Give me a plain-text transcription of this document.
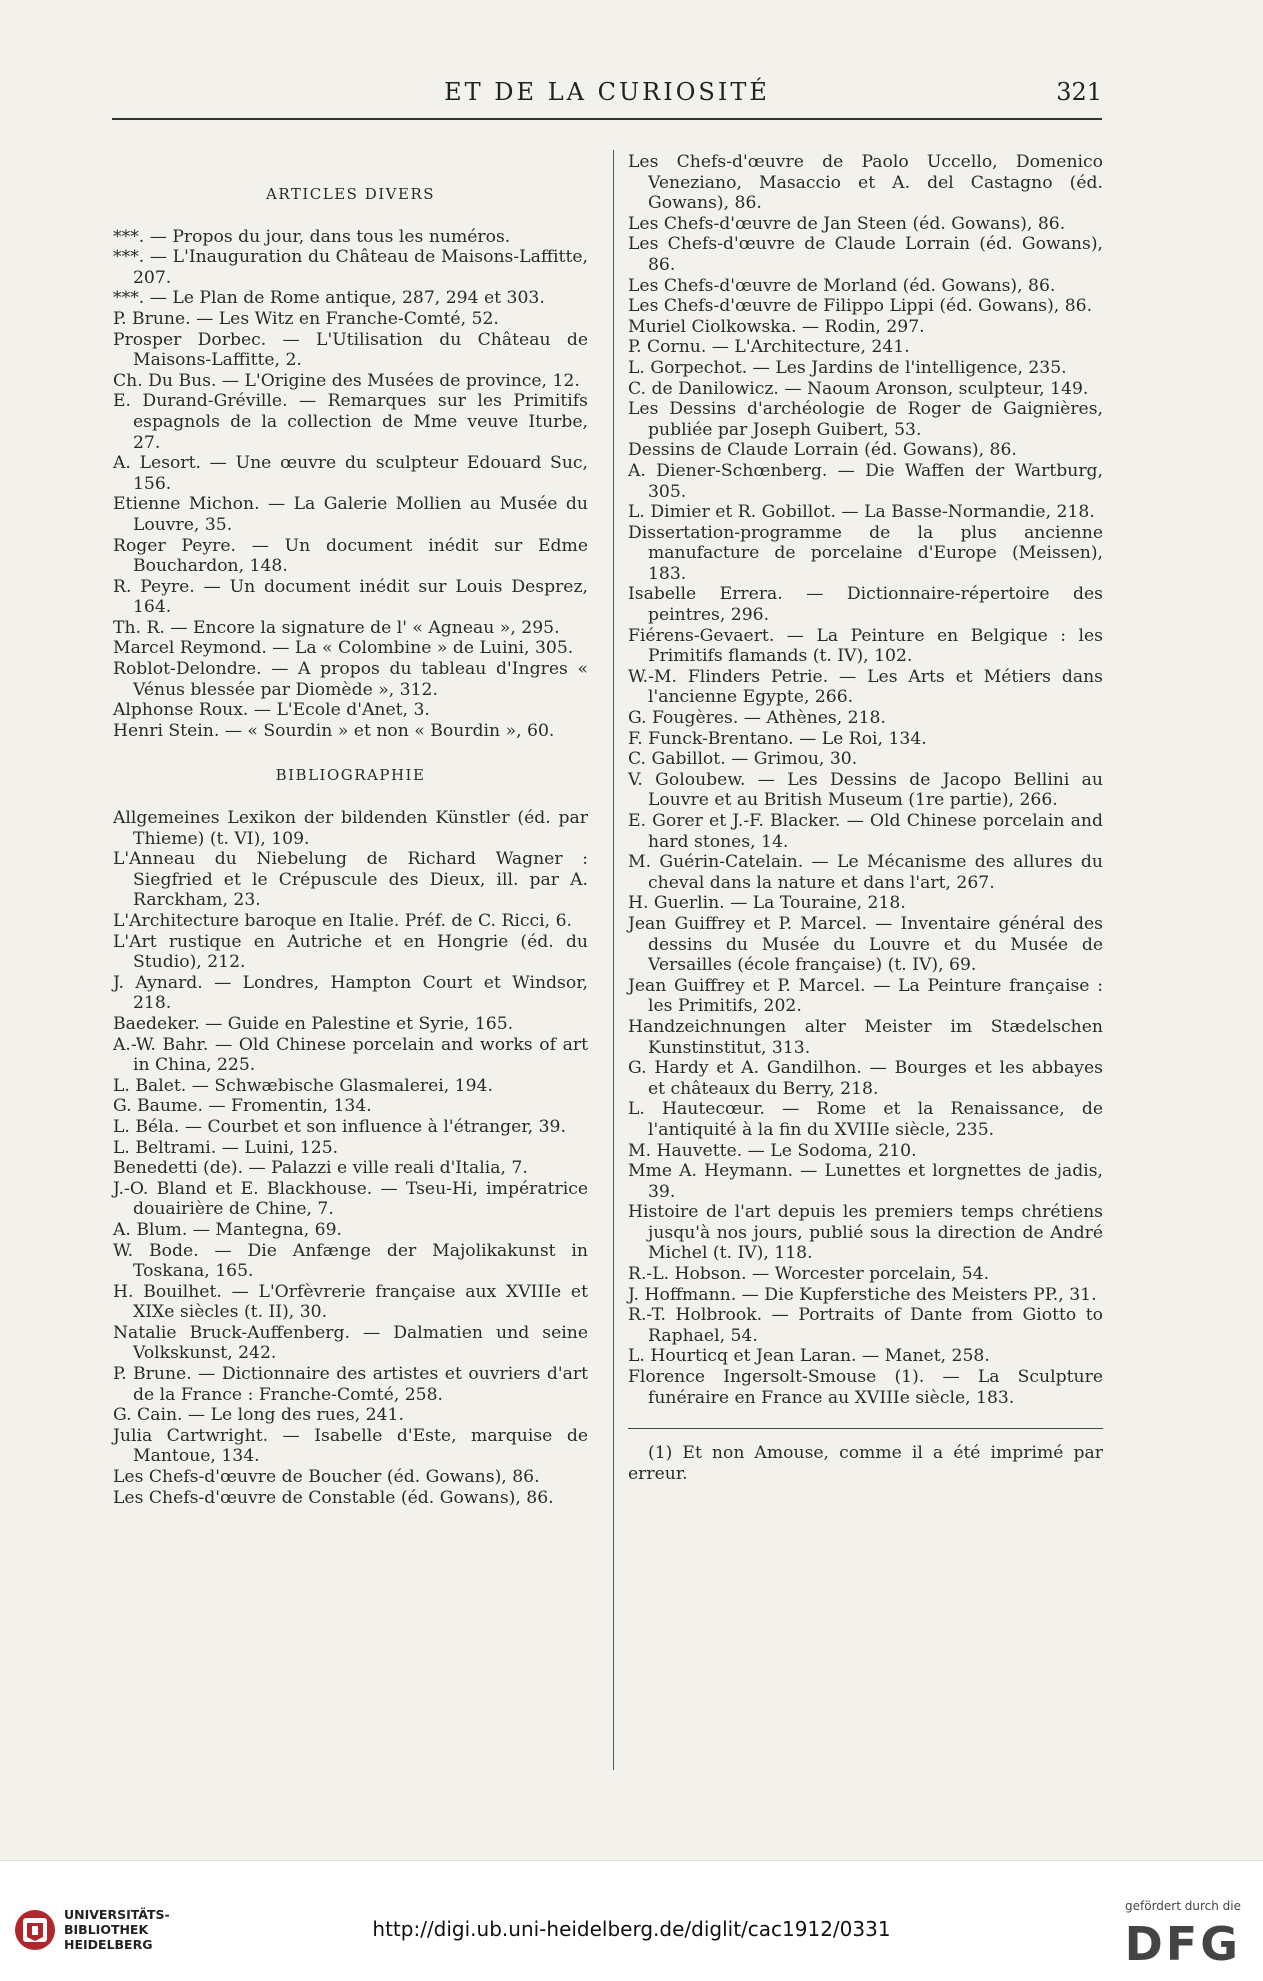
ET DE LA CURIOSITÉ	321
ARTICLES DIVERS

***. — Propos du jour, dans tous les numéros.

***. — L'Inauguration du Château de Maisons-Laffitte, 207.

***. — Le Plan de Rome antique, 287, 294 et 303.

P. Brune. — Les Witz en Franche-Comté, 52.

Prosper Dorbec. — L'Utilisation du Château de Maisons-Laffitte, 2.

Ch. Du Bus. — L'Origine des Musées de province, 12.

E. Durand-Gréville. — Remarques sur les Primitifs espagnols de la collection de Mme veuve Iturbe, 27.

A. Lesort. — Une œuvre du sculpteur Edouard Suc, 156.

Etienne Michon. — La Galerie Mollien au Musée du Louvre, 35.

Roger Peyre. — Un document inédit sur Edme Bouchardon, 148.

R. Peyre. — Un document inédit sur Louis Desprez, 164.

Th. R. — Encore la signature de l' « Agneau », 295.

Marcel Reymond. — La « Colombine » de Luini, 305.

Roblot-Delondre. — A propos du tableau d'Ingres « Vénus blessée par Diomède », 312.

Alphonse Roux. — L'Ecole d'Anet, 3.

Henri Stein. — « Sourdin » et non « Bourdin », 60.

BIBLIOGRAPHIE

Allgemeines Lexikon der bildenden Künstler (éd. par Thieme) (t. VI), 109.

L'Anneau du Niebelung de Richard Wagner : Siegfried et le Crépuscule des Dieux, ill. par A. Rarckham, 23.

L'Architecture baroque en Italie. Préf. de C. Ricci, 6.

L'Art rustique en Autriche et en Hongrie (éd. du Studio), 212.

J. Aynard. — Londres, Hampton Court et Windsor, 218.

Baedeker. — Guide en Palestine et Syrie, 165.

A.-W. Bahr. — Old Chinese porcelain and works of art in China, 225.

L. Balet. — Schwæbische Glasmalerei, 194.

G. Baume. — Fromentin, 134.

L. Béla. — Courbet et son influence à l'étranger, 39.

L. Beltrami. — Luini, 125.

Benedetti (de). — Palazzi e ville reali d'Italia, 7.

J.-O. Bland et E. Blackhouse. — Tseu-Hi, impératrice douairière de Chine, 7.

A. Blum. — Mantegna, 69.

W. Bode. — Die Anfænge der Majolikakunst in Toskana, 165.

H. Bouilhet. — L'Orfèvrerie française aux XVIIIe et XIXe siècles (t. II), 30.

Natalie Bruck-Auffenberg. — Dalmatien und seine Volkskunst, 242.

P. Brune. — Dictionnaire des artistes et ouvriers d'art de la France : Franche-Comté, 258.

G. Cain. — Le long des rues, 241.

Julia Cartwright. — Isabelle d'Este, marquise de Mantoue, 134.

Les Chefs-d'œuvre de Boucher (éd. Gowans), 86.

Les Chefs-d'œuvre de Constable (éd. Gowans), 86.

Les Chefs-d'œuvre de Paolo Uccello, Domenico Veneziano, Masaccio et A. del Castagno (éd. Gowans), 86.

Les Chefs-d'œuvre de Jan Steen (éd. Gowans), 86.

Les Chefs-d'œuvre de Claude Lorrain (éd. Gowans), 86.

Les Chefs-d'œuvre de Morland (éd. Gowans), 86.

Les Chefs-d'œuvre de Filippo Lippi (éd. Gowans), 86.

Muriel Ciolkowska. — Rodin, 297.

P. Cornu. — L'Architecture, 241.

L. Gorpechot. — Les Jardins de l'intelligence, 235.

C. de Danilowicz. — Naoum Aronson, sculpteur, 149.

Les Dessins d'archéologie de Roger de Gaignières, publiée par Joseph Guibert, 53.

Dessins de Claude Lorrain (éd. Gowans), 86.

A. Diener-Schœnberg. — Die Waffen der Wartburg, 305.

L. Dimier et R. Gobillot. — La Basse-Normandie, 218.

Dissertation-programme de la plus ancienne manufacture de porcelaine d'Europe (Meissen), 183.

Isabelle Errera. — Dictionnaire-répertoire des peintres, 296.

Fiérens-Gevaert. — La Peinture en Belgique : les Primitifs flamands (t. IV), 102.

W.-M. Flinders Petrie. — Les Arts et Métiers dans l'ancienne Egypte, 266.

G. Fougères. — Athènes, 218.

F. Funck-Brentano. — Le Roi, 134.

C. Gabillot. — Grimou, 30.

V. Goloubew. — Les Dessins de Jacopo Bellini au Louvre et au British Museum (1re partie), 266.

E. Gorer et J.-F. Blacker. — Old Chinese porcelain and hard stones, 14.

M. Guérin-Catelain. — Le Mécanisme des allures du cheval dans la nature et dans l'art, 267.

H. Guerlin. — La Touraine, 218.

Jean Guiffrey et P. Marcel. — Inventaire général des dessins du Musée du Louvre et du Musée de Versailles (école française) (t. IV), 69.

Jean Guiffrey et P. Marcel. — La Peinture française : les Primitifs, 202.

Handzeichnungen alter Meister im Stædelschen Kunstinstitut, 313.

G. Hardy et A. Gandilhon. — Bourges et les abbayes et châteaux du Berry, 218.

L. Hautecœur. — Rome et la Renaissance, de l'antiquité à la fin du XVIIIe siècle, 235.

M. Hauvette. — Le Sodoma, 210.

Mme A. Heymann. — Lunettes et lorgnettes de jadis, 39.

Histoire de l'art depuis les premiers temps chrétiens jusqu'à nos jours, publié sous la direction de André Michel (t. IV), 118.

R.-L. Hobson. — Worcester porcelain, 54.

J. Hoffmann. — Die Kupferstiche des Meisters PP., 31.

R.-T. Holbrook. — Portraits of Dante from Giotto to Raphael, 54.

L. Hourticq et Jean Laran. — Manet, 258.

Florence Ingersolt-Smouse (1). — La Sculpture funéraire en France au XVIIIe siècle, 183.

(1) Et non Amouse, comme il a été imprimé par erreur.

UNIVERSITÄTS-
BIBLIOTHEK
HEIDELBERG
http://digi.ub.uni-heidelberg.de/diglit/cac1912/0331
gefördert durch die
DFG
